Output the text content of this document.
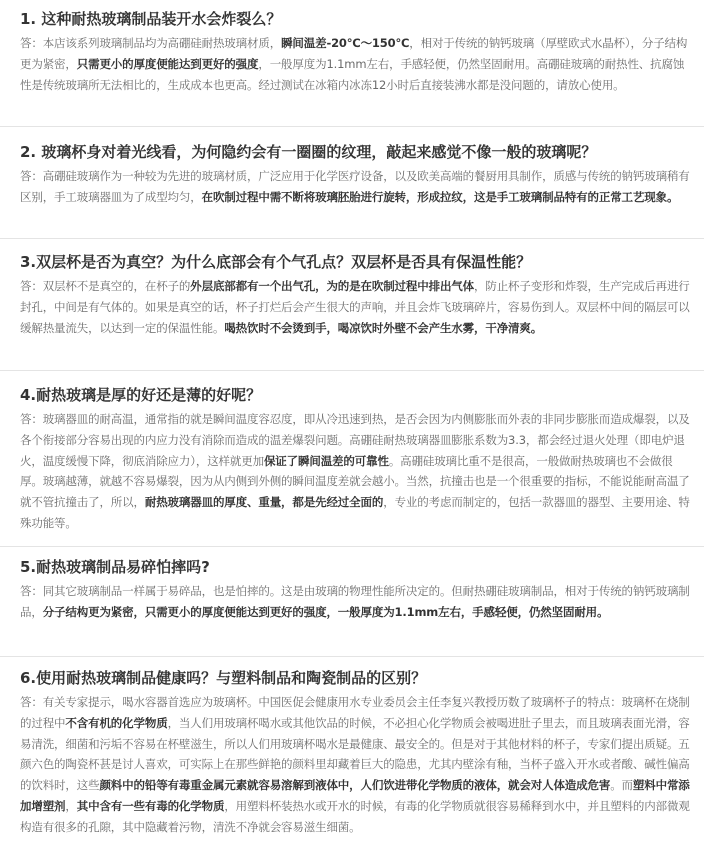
1. 这种耐热玻璃制品装开水会炸裂么？

答：本店该系列玻璃制品均为高硼硅耐热玻璃材质，瞬间温差-20℃～150℃，相对于传统的钠钙玻璃（厚壁欧式水晶杯），分子结构更为紧密，只需更小的厚度便能达到更好的强度，一般厚度为1.1mm左右，手感轻便，仍然坚固耐用。高硼硅玻璃的耐热性、抗腐蚀性是传统玻璃所无法相比的，生成成本也更高。经过测试在冰箱内冰冻12小时后直接装沸水都是没问题的，请放心使用。

2. 玻璃杯身对着光线看，为何隐约会有一圈圈的纹理，敲起来感觉不像一般的玻璃呢？

答：高硼硅玻璃作为一种较为先进的玻璃材质，广泛应用于化学医疗设备，以及欧美高端的餐厨用具制作，质感与传统的钠钙玻璃稍有区别，手工玻璃器皿为了成型均匀，在吹制过程中需不断将玻璃胚胎进行旋转，形成拉纹，这是手工玻璃制品特有的正常工艺现象。

3.双层杯是否为真空？为什么底部会有个气孔点？双层杯是否具有保温性能？

答：双层杯不是真空的，在杯子的外层底部都有一个出气孔，为的是在吹制过程中排出气体，防止杯子变形和炸裂，生产完成后再进行封孔，中间是有气体的。如果是真空的话，杯子打烂后会产生很大的声响，并且会炸飞玻璃碎片，容易伤到人。双层杯中间的隔层可以缓解热量流失，以达到一定的保温性能。喝热饮时不会烫到手，喝凉饮时外壁不会产生水雾，干净清爽。

4.耐热玻璃是厚的好还是薄的好呢？

答：玻璃器皿的耐高温，通常指的就是瞬间温度容忍度，即从冷迅速到热，是否会因为内侧膨胀而外表的非同步膨胀而造成爆裂，以及各个衔接部分容易出现的内应力没有消除而造成的温差爆裂问题。高硼硅耐热玻璃器皿膨胀系数为3.3，都会经过退火处理（即电炉退火，温度缓慢下降，彻底消除应力），这样就更加保证了瞬间温差的可靠性。高硼硅玻璃比重不是很高，一般做耐热玻璃也不会做很厚。玻璃越薄，就越不容易爆裂，因为从内侧到外侧的瞬间温度差就会越小。当然，抗撞击也是一个很重要的指标，不能说能耐高温了就不管抗撞击了，所以，耐热玻璃器皿的厚度、重量，都是先经过全面的，专业的考虑而制定的，包括一款器皿的器型、主要用途、特殊功能等。

5.耐热玻璃制品易碎怕摔吗?

答：同其它玻璃制品一样属于易碎品，也是怕摔的。这是由玻璃的物理性能所决定的。但耐热硼硅玻璃制品，相对于传统的钠钙玻璃制品，分子结构更为紧密，只需更小的厚度便能达到更好的强度，一般厚度为1.1mm左右，手感轻便，仍然坚固耐用。

6.使用耐热玻璃制品健康吗？与塑料制品和陶瓷制品的区别？

答：有关专家提示，喝水容器首选应为玻璃杯。中国医促会健康用水专业委员会主任李复兴教授历数了玻璃杯子的特点：玻璃杯在烧制的过程中不含有机的化学物质，当人们用玻璃杯喝水或其他饮品的时候，不必担心化学物质会被喝进肚子里去，而且玻璃表面光滑，容易清洗，细菌和污垢不容易在杯壁滋生，所以人们用玻璃杯喝水是最健康、最安全的。但是对于其他材料的杯子，专家们提出质疑。五颜六色的陶瓷杯甚是讨人喜欢，可实际上在那些鲜艳的颜料里却藏着巨大的隐患，尤其内壁涂有釉，当杯子盛入开水或者酸、碱性偏高的饮料时，这些颜料中的铅等有毒重金属元素就容易溶解到液体中，人们饮进带化学物质的液体，就会对人体造成危害。而塑料中常添加增塑剂，其中含有一些有毒的化学物质，用塑料杯装热水或开水的时候，有毒的化学物质就很容易稀释到水中，并且塑料的内部微观构造有很多的孔隙，其中隐藏着污物，清洗不净就会容易滋生细菌。
